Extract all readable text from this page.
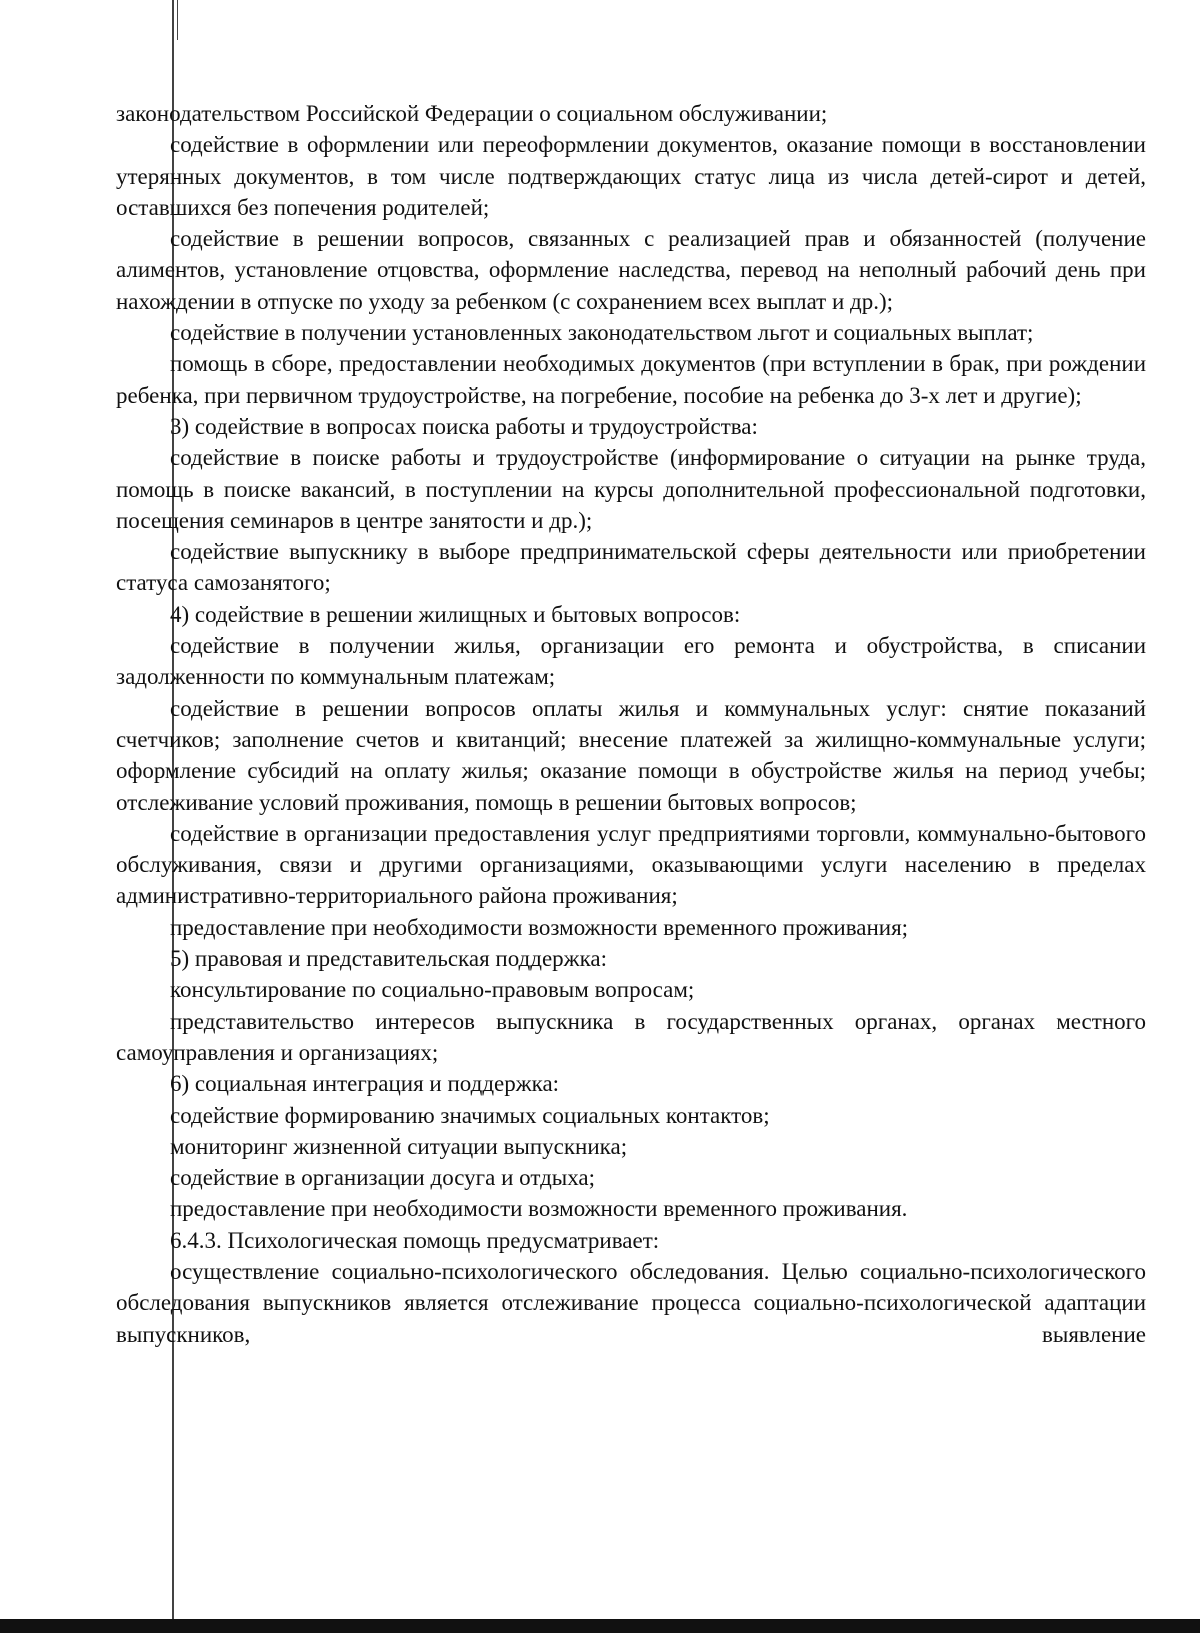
законодательством Российской Федерации о социальном обслуживании;

содействие в оформлении или переоформлении документов, оказание помощи в восстановлении утерянных документов, в том числе подтверждающих статус лица из числа детей-сирот и детей, оставшихся без попечения родителей;

содействие в решении вопросов, связанных с реализацией прав и обязанностей (получение алиментов, установление отцовства, оформление наследства, перевод на неполный рабочий день при нахождении в отпуске по уходу за ребенком (с сохранением всех выплат и др.);

содействие в получении установленных законодательством льгот и социальных выплат;

помощь в сборе, предоставлении необходимых документов (при вступлении в брак, при рождении ребенка, при первичном трудоустройстве, на погребение, пособие на ребенка до 3-х лет и другие);

3) содействие в вопросах поиска работы и трудоустройства:

содействие в поиске работы и трудоустройстве (информирование о ситуации на рынке труда, помощь в поиске вакансий, в поступлении на курсы дополнительной профессиональной подготовки, посещения семинаров в центре занятости и др.);

содействие выпускнику в выборе предпринимательской сферы деятельности или приобретении статуса самозанятого;

4) содействие в решении жилищных и бытовых вопросов:

содействие в получении жилья, организации его ремонта и обустройства, в списании задолженности по коммунальным платежам;

содействие в решении вопросов оплаты жилья и коммунальных услуг: снятие показаний счетчиков; заполнение счетов и квитанций; внесение платежей за жилищно-коммунальные услуги; оформление субсидий на оплату жилья; оказание помощи в обустройстве жилья на период учебы; отслеживание условий проживания, помощь в решении бытовых вопросов;

содействие в организации предоставления услуг предприятиями торговли, коммунально-бытового обслуживания, связи и другими организациями, оказывающими услуги населению в пределах административно-территориального района проживания;

предоставление при необходимости возможности временного проживания;

5) правовая и представительская поддержка:

консультирование по социально-правовым вопросам;

представительство интересов выпускника в государственных органах, органах местного самоуправления и организациях;

6) социальная интеграция и поддержка:

содействие формированию значимых социальных контактов;

мониторинг жизненной ситуации выпускника;

содействие в организации досуга и отдыха;

предоставление при необходимости возможности временного проживания.

6.4.3. Психологическая помощь предусматривает:

осуществление социально-психологического обследования. Целью социально-психологического обследования выпускников является отслеживание процесса социально-психологической адаптации выпускников, выявление
